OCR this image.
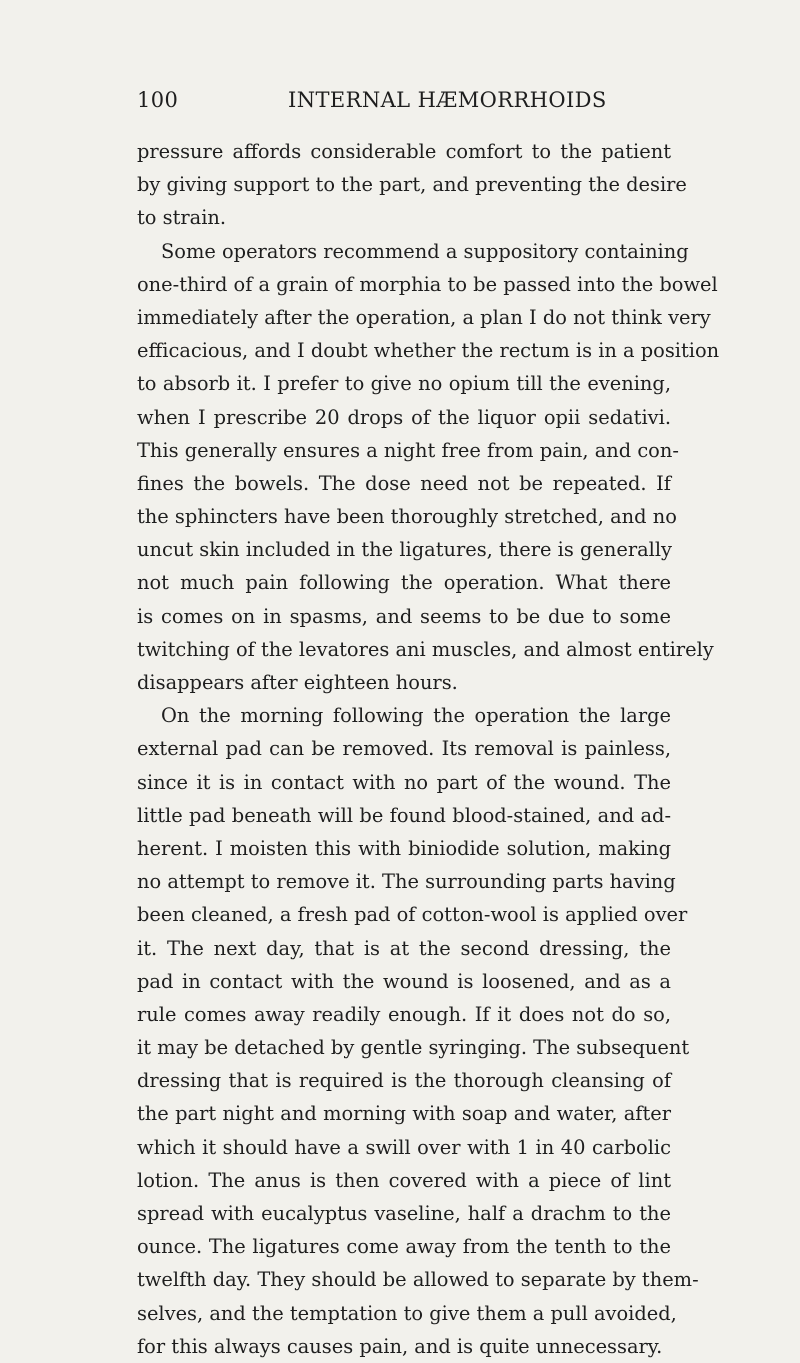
100	INTERNAL HÆMORRHOIDS
pressure affords considerable comfort to the patient
by giving support to the part, and preventing the desire
to strain.
Some operators recommend a suppository containing
one-third of a grain of morphia to be passed into the bowel
immediately after the operation, a plan I do not think very
efficacious, and I doubt whether the rectum is in a position
to absorb it. I prefer to give no opium till the evening,
when I prescribe 20 drops of the liquor opii sedativi.
This generally ensures a night free from pain, and con-
fines the bowels. The dose need not be repeated. If
the sphincters have been thoroughly stretched, and no
uncut skin included in the ligatures, there is generally
not much pain following the operation. What there
is comes on in spasms, and seems to be due to some
twitching of the levatores ani muscles, and almost entirely
disappears after eighteen hours.
On the morning following the operation the large
external pad can be removed. Its removal is painless,
since it is in contact with no part of the wound. The
little pad beneath will be found blood-stained, and ad-
herent. I moisten this with biniodide solution, making
no attempt to remove it. The surrounding parts having
been cleaned, a fresh pad of cotton-wool is applied over
it. The next day, that is at the second dressing, the
pad in contact with the wound is loosened, and as a
rule comes away readily enough. If it does not do so,
it may be detached by gentle syringing. The subsequent
dressing that is required is the thorough cleansing of
the part night and morning with soap and water, after
which it should have a swill over with 1 in 40 carbolic
lotion. The anus is then covered with a piece of lint
spread with eucalyptus vaseline, half a drachm to the
ounce. The ligatures come away from the tenth to the
twelfth day. They should be allowed to separate by them-
selves, and the temptation to give them a pull avoided,
for this always causes pain, and is quite unnecessary.
